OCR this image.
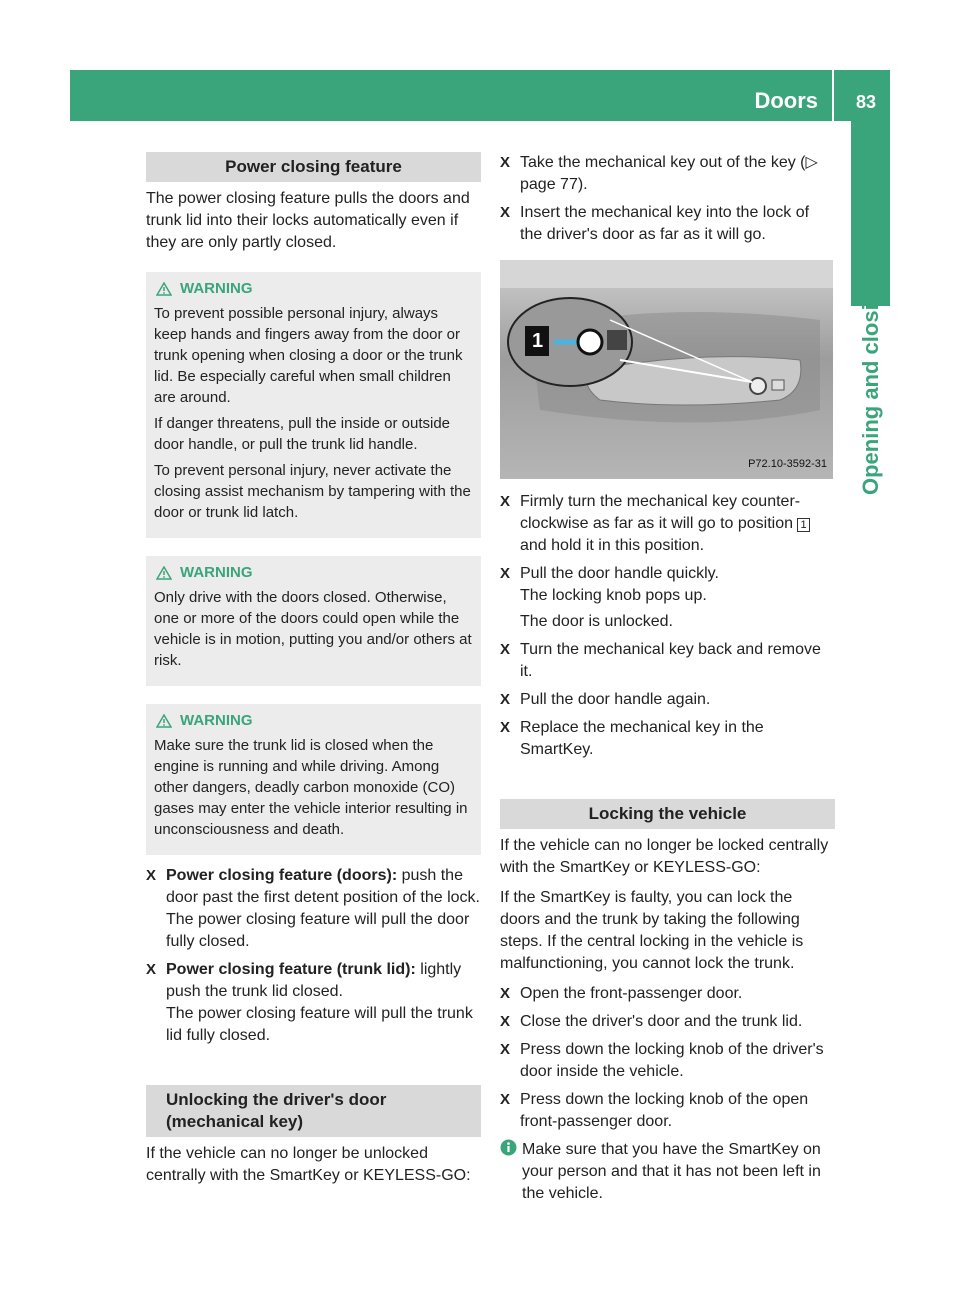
Doors 83
Opening and closing
Power closing feature

The power closing feature pulls the doors and trunk lid into their locks automatically even if they are only partly closed.

WARNING

To prevent possible personal injury, always keep hands and fingers away from the door or trunk opening when closing a door or the trunk lid. Be especially careful when small children are around.

If danger threatens, pull the inside or outside door handle, or pull the trunk lid handle.

To prevent personal injury, never activate the closing assist mechanism by tampering with the door or trunk lid latch.

WARNING

Only drive with the doors closed. Otherwise, one or more of the doors could open while the vehicle is in motion, putting you and/or others at risk.

WARNING

Make sure the trunk lid is closed when the engine is running and while driving. Among other dangers, deadly carbon monoxide (CO) gases may enter the vehicle interior resulting in unconsciousness and death.

X Power closing feature (doors): push the door past the first detent position of the lock.
The power closing feature will pull the door fully closed.
X Power closing feature (trunk lid): lightly push the trunk lid closed.
The power closing feature will pull the trunk lid fully closed.
Unlocking the driver's door (mechanical key)

If the vehicle can no longer be unlocked centrally with the SmartKey or KEYLESS-GO:

X Take the mechanical key out of the key (▷ page 77).
X Insert the mechanical key into the lock of the driver's door as far as it will go.
1
P72.10-3592-31
X Firmly turn the mechanical key counter-clockwise as far as it will go to position 1 and hold it in this position.
X Pull the door handle quickly.
The locking knob pops up.

The door is unlocked.
X Turn the mechanical key back and remove it.
X Pull the door handle again.
X Replace the mechanical key in the SmartKey.
Locking the vehicle

If the vehicle can no longer be locked centrally with the SmartKey or KEYLESS-GO:

If the SmartKey is faulty, you can lock the doors and the trunk by taking the following steps. If the central locking in the vehicle is malfunctioning, you cannot lock the trunk.

X Open the front-passenger door.
X Close the driver's door and the trunk lid.
X Press down the locking knob of the driver's door inside the vehicle.
X Press down the locking knob of the open front-passenger door.
Make sure that you have the SmartKey on your person and that it has not been left in the vehicle.
